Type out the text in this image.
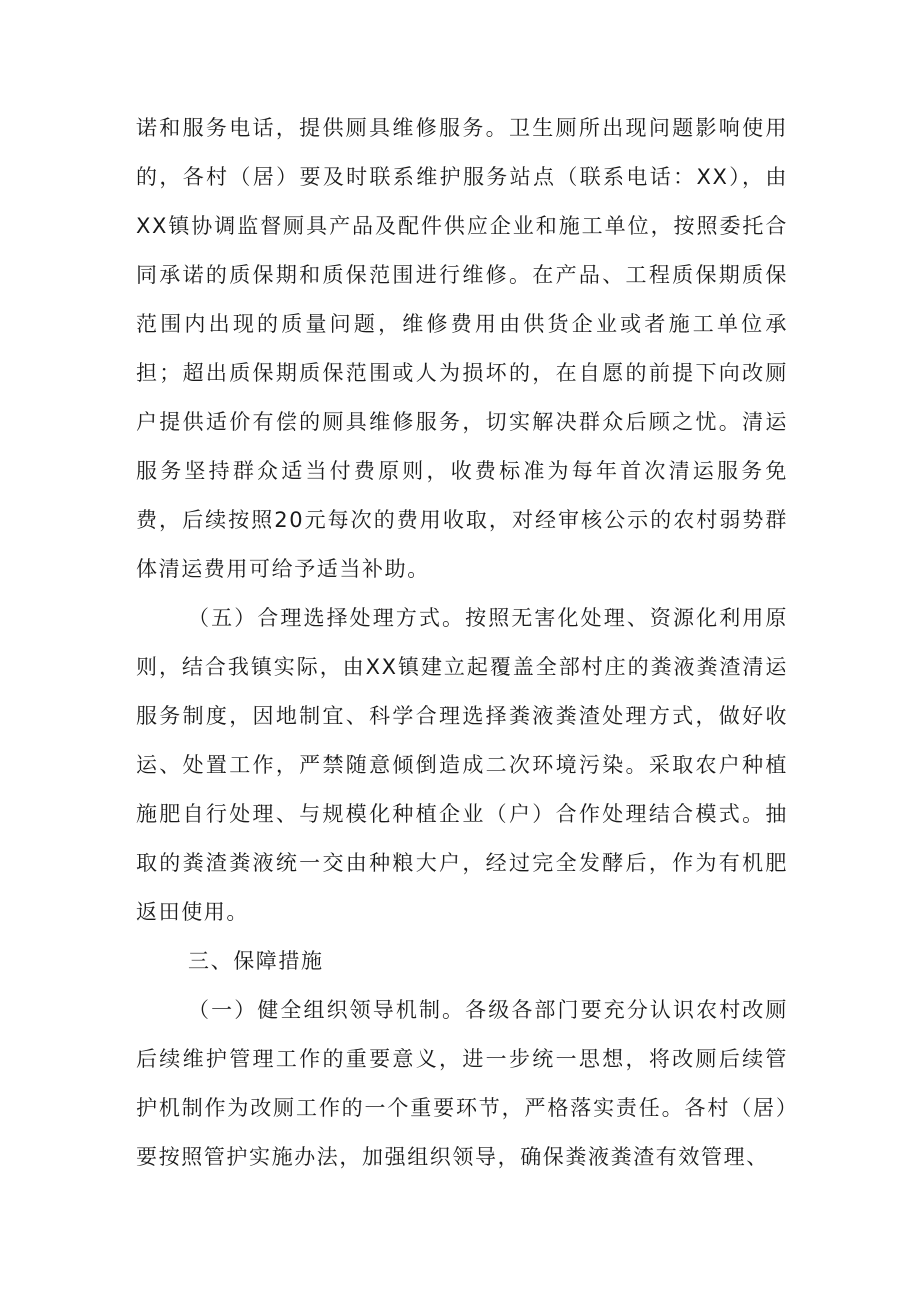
诺和服务电话，提供厕具维修服务。卫生厕所出现问题影响使用的，各村（居）要及时联系维护服务站点（联系电话：XX），由XX镇协调监督厕具产品及配件供应企业和施工单位，按照委托合同承诺的质保期和质保范围进行维修。在产品、工程质保期质保范围内出现的质量问题，维修费用由供货企业或者施工单位承担；超出质保期质保范围或人为损坏的，在自愿的前提下向改厕户提供适价有偿的厕具维修服务，切实解决群众后顾之忧。清运服务坚持群众适当付费原则，收费标准为每年首次清运服务免费，后续按照20元每次的费用收取，对经审核公示的农村弱势群体清运费用可给予适当补助。

（五）合理选择处理方式。按照无害化处理、资源化利用原则，结合我镇实际，由XX镇建立起覆盖全部村庄的粪液粪渣清运服务制度，因地制宜、科学合理选择粪液粪渣处理方式，做好收运、处置工作，严禁随意倾倒造成二次环境污染。采取农户种植施肥自行处理、与规模化种植企业（户）合作处理结合模式。抽取的粪渣粪液统一交由种粮大户，经过完全发酵后，作为有机肥返田使用。

三、保障措施

（一）健全组织领导机制。各级各部门要充分认识农村改厕后续维护管理工作的重要意义，进一步统一思想，将改厕后续管护机制作为改厕工作的一个重要环节，严格落实责任。各村（居）要按照管护实施办法，加强组织领导，确保粪液粪渣有效管理、
